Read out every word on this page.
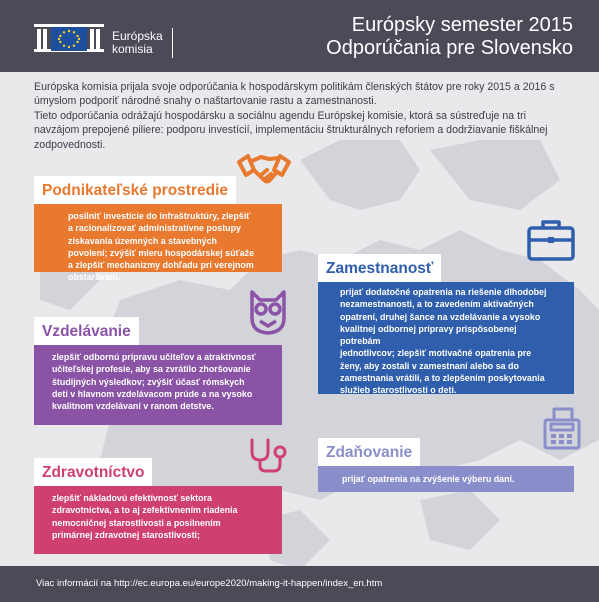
Európska
komisia
Európsky semester 2015
Odporúčania pre Slovensko
Európska komisia prijala svoje odporúčania k hospodárskym politikám členských štátov pre roky 2015 a 2016 s úmyslom podporiť národné snahy o naštartovanie rastu a zamestnanosti.
Tieto odporúčania odrážajú hospodársku a sociálnu agendu Európskej komisie, ktorá sa sústreďuje na tri navzájom prepojené piliere: podporu investícií, implementáciu štrukturálnych reforiem a dodržiavanie fiškálnej zodpovednosti.
Podnikateľské prostredie

posilniť investície do infraštruktúry, zlepšiť a racionalizovať administratívne postupy získavania územných a stavebných povolení; zvýšiť mieru hospodárskej súťaže a zlepšiť mechanizmy dohľadu pri verejnom obstarávaní.

Zamestnanosť

prijať dodatočné opatrenia na riešenie dlhodobej nezamestnanosti, a to zavedením aktivačných opatrení, druhej šance na vzdelávanie a vysoko kvalitnej odbornej prípravy prispôsobenej potrebám

jednotlivcov; zlepšiť motivačné opatrenia pre ženy, aby zostali v zamestnaní alebo sa do zamestnania vrátili, a to zlepšením poskytovania služieb starostlivosti o deti.

Vzdelávanie

zlepšiť odbornú prípravu učiteľov a atraktívnosť učiteľskej profesie, aby sa zvrátilo zhoršovanie študijných výsledkov; zvýšiť účasť rómskych detí v hlavnom vzdelávacom prúde a na vysoko kvalitnom vzdelávaní v ranom detstve.

Zdaňovanie

prijať opatrenia na zvýšenie výberu daní.

Zdravotníctvo

zlepšiť nákladovú efektívnosť sektora zdravotníctva, a to aj zefektívnením riadenia nemocničnej starostlivosti a posilnením primárnej zdravotnej starostlivosti;

Viac informácií na http://ec.europa.eu/europe2020/making-it-happen/index_en.htm
